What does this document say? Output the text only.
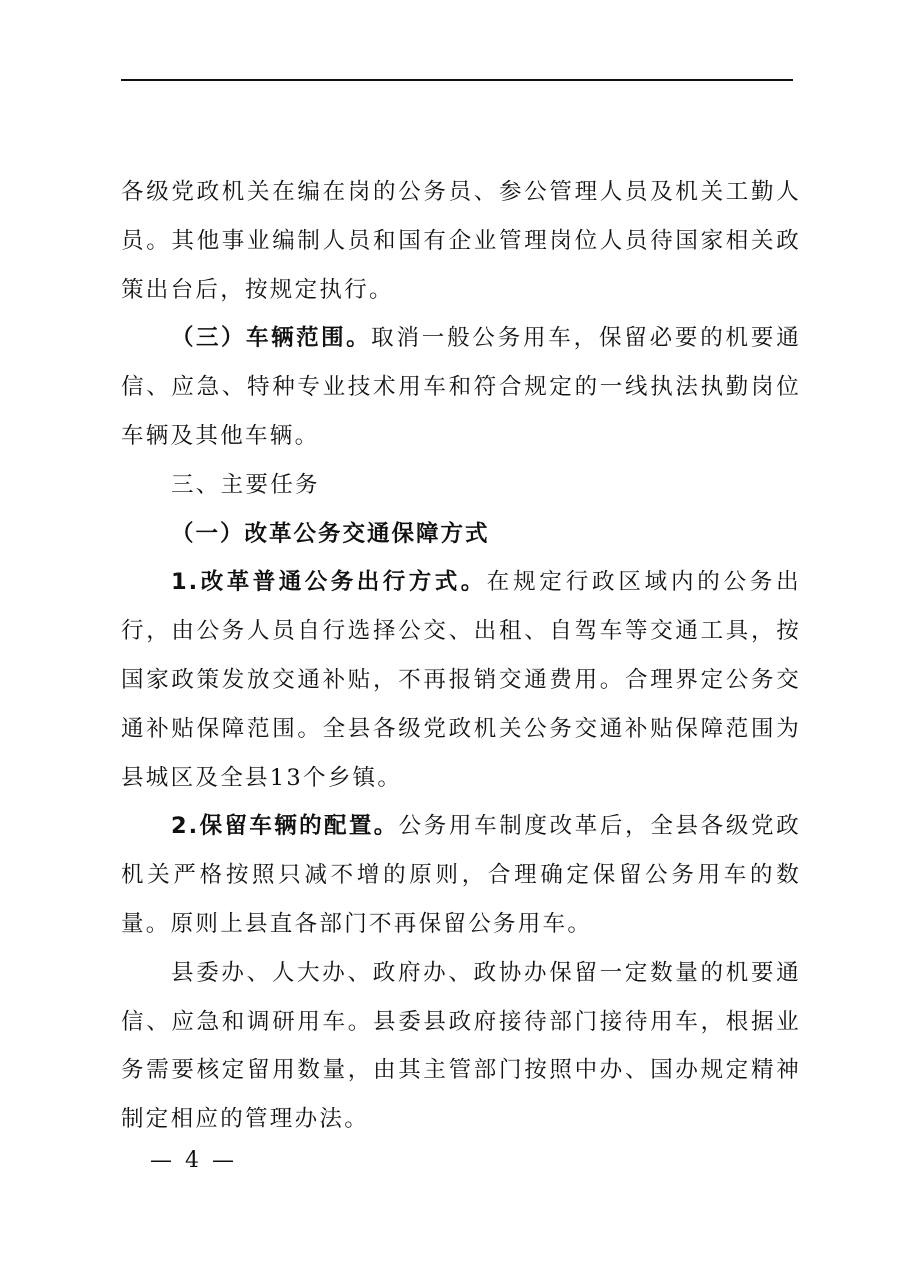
各级党政机关在编在岗的公务员、参公管理人员及机关工勤人员。其他事业编制人员和国有企业管理岗位人员待国家相关政策出台后，按规定执行。

（三）车辆范围。取消一般公务用车，保留必要的机要通信、应急、特种专业技术用车和符合规定的一线执法执勤岗位车辆及其他车辆。

三、主要任务

（一）改革公务交通保障方式

1.改革普通公务出行方式。在规定行政区域内的公务出行，由公务人员自行选择公交、出租、自驾车等交通工具，按国家政策发放交通补贴，不再报销交通费用。合理界定公务交通补贴保障范围。全县各级党政机关公务交通补贴保障范围为县城区及全县13个乡镇。

2.保留车辆的配置。公务用车制度改革后，全县各级党政机关严格按照只减不增的原则，合理确定保留公务用车的数量。原则上县直各部门不再保留公务用车。

县委办、人大办、政府办、政协办保留一定数量的机要通信、应急和调研用车。县委县政府接待部门接待用车，根据业务需要核定留用数量，由其主管部门按照中办、国办规定精神制定相应的管理办法。

— 4 —
